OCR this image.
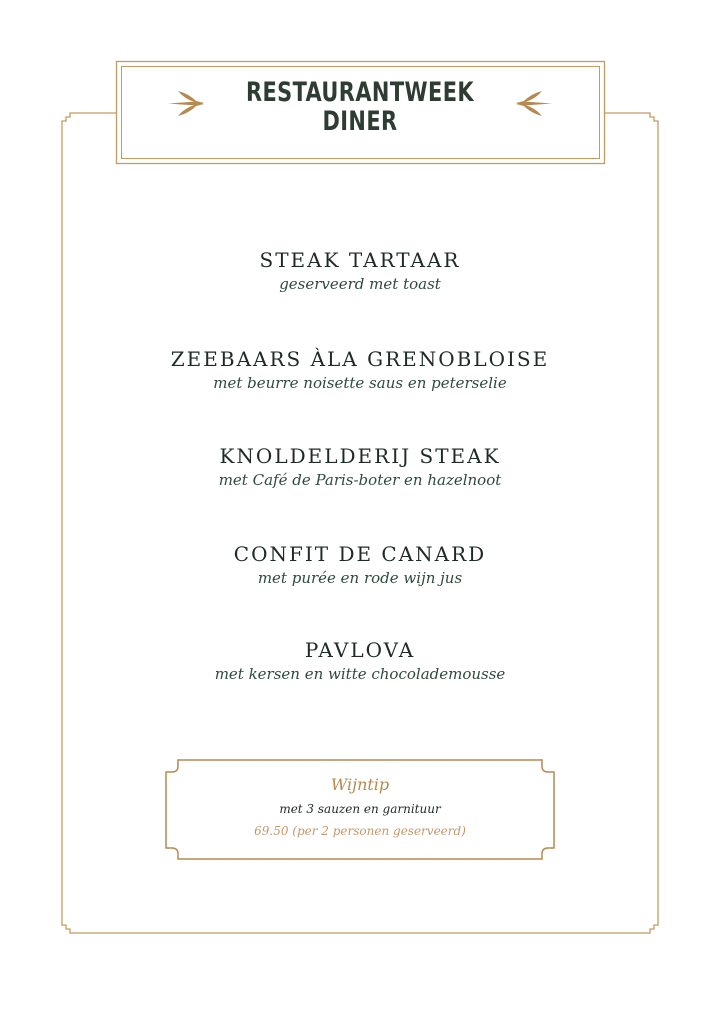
RESTAURANTWEEK
DINER
STEAK TARTAAR
geserveerd met toast
ZEEBAARS ÀLA GRENOBLOISE
met beurre noisette saus en peterselie
KNOLDELDERIJ STEAK
met Café de Paris-boter en hazelnoot
CONFIT DE CANARD
met purée en rode wijn jus
PAVLOVA
met kersen en witte chocolademousse
Wijntip
met 3 sauzen en garnituur
69.50 (per 2 personen geserveerd)
